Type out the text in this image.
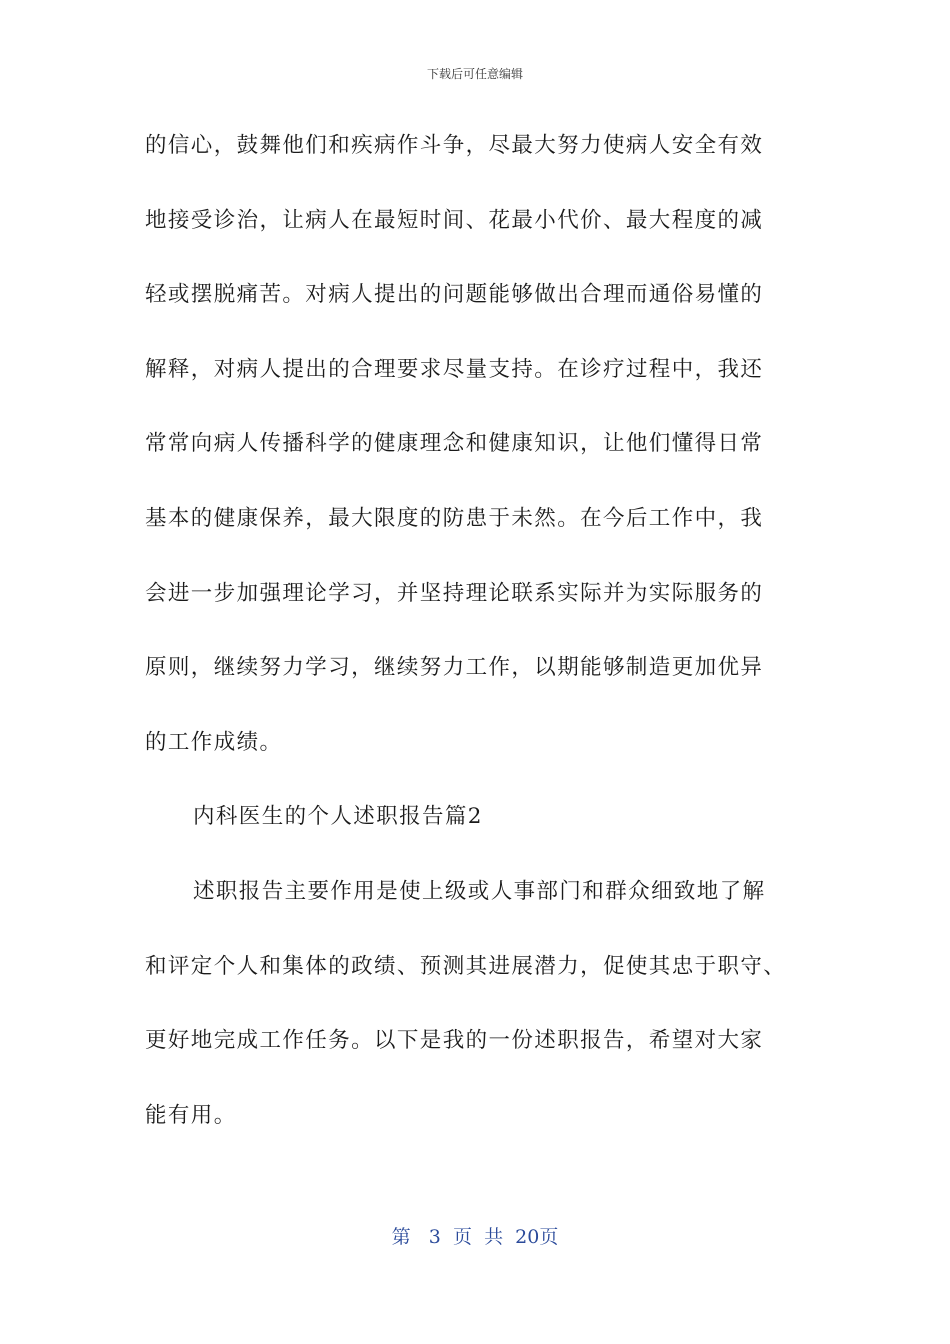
下载后可任意编辑
的信心，鼓舞他们和疾病作斗争，尽最大努力使病人安全有效
地接受诊治，让病人在最短时间、花最小代价、最大程度的减
轻或摆脱痛苦。对病人提出的问题能够做出合理而通俗易懂的
解释，对病人提出的合理要求尽量支持。在诊疗过程中，我还
常常向病人传播科学的健康理念和健康知识，让他们懂得日常
基本的健康保养，最大限度的防患于未然。在今后工作中，我
会进一步加强理论学习，并坚持理论联系实际并为实际服务的
原则，继续努力学习，继续努力工作，以期能够制造更加优异
的工作成绩。
内科医生的个人述职报告篇2
述职报告主要作用是使上级或人事部门和群众细致地了解
和评定个人和集体的政绩、预测其进展潜力，促使其忠于职守、
更好地完成工作任务。以下是我的一份述职报告，希望对大家
能有用。
第 3 页 共 20页
